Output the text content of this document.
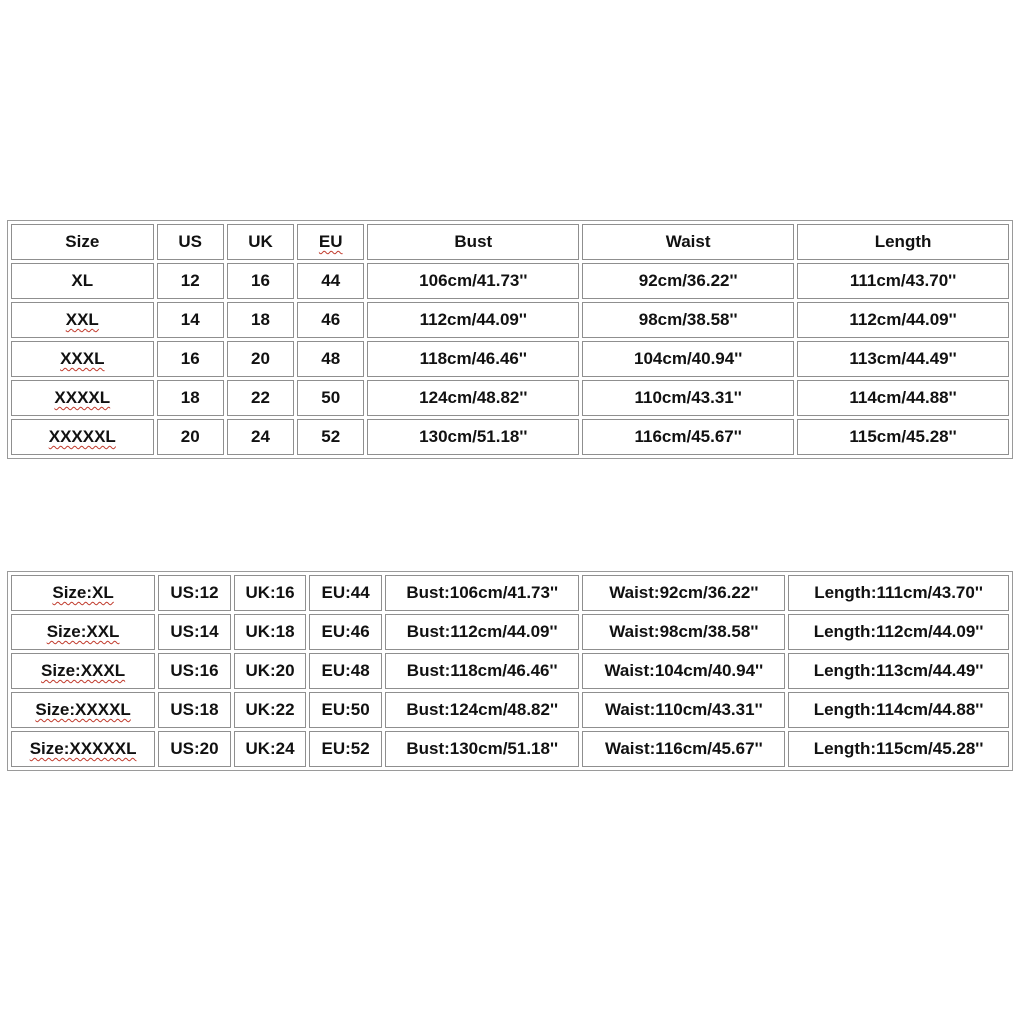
Size	US	UK	EU	Bust	Waist	Length
XL	12	16	44	106cm/41.73''	92cm/36.22''	111cm/43.70''
XXL	14	18	46	112cm/44.09''	98cm/38.58''	112cm/44.09''
XXXL	16	20	48	118cm/46.46''	104cm/40.94''	113cm/44.49''
XXXXL	18	22	50	124cm/48.82''	110cm/43.31''	114cm/44.88''
XXXXXL	20	24	52	130cm/51.18''	116cm/45.67''	115cm/45.28''
Size:XL	US:12	UK:16	EU:44	Bust:106cm/41.73''	Waist:92cm/36.22''	Length:111cm/43.70''
Size:XXL	US:14	UK:18	EU:46	Bust:112cm/44.09''	Waist:98cm/38.58''	Length:112cm/44.09''
Size:XXXL	US:16	UK:20	EU:48	Bust:118cm/46.46''	Waist:104cm/40.94''	Length:113cm/44.49''
Size:XXXXL	US:18	UK:22	EU:50	Bust:124cm/48.82''	Waist:110cm/43.31''	Length:114cm/44.88''
Size:XXXXXL	US:20	UK:24	EU:52	Bust:130cm/51.18''	Waist:116cm/45.67''	Length:115cm/45.28''
